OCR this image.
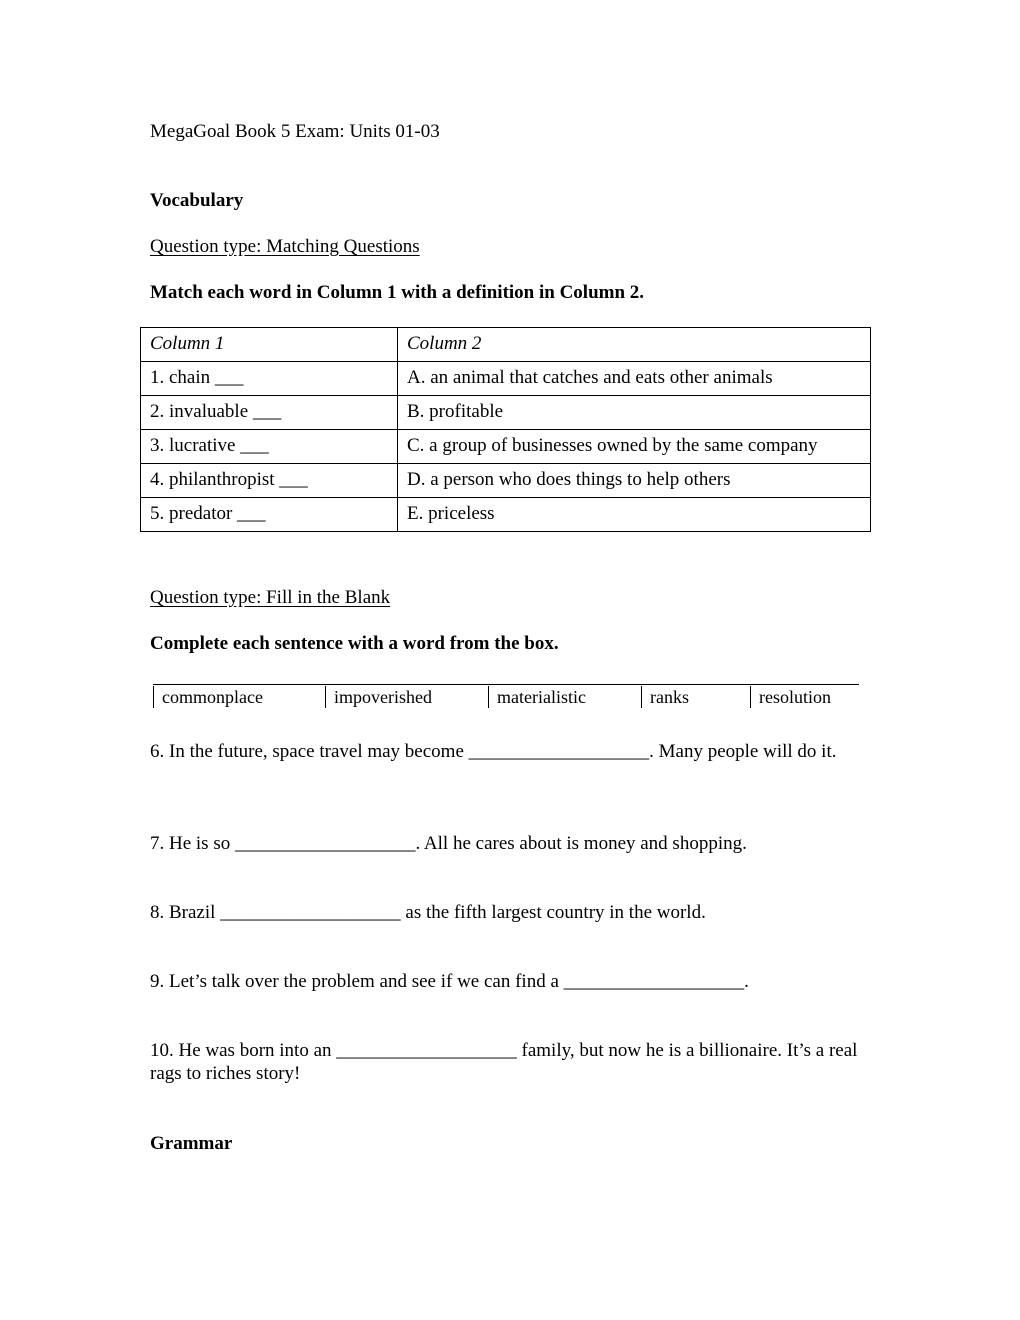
MegaGoal Book 5 Exam: Units 01-03
Vocabulary
Question type: Matching Questions
Match each word in Column 1 with a definition in Column 2.
Column 1	Column 2
1. chain ___	A. an animal that catches and eats other animals
2. invaluable ___	B. profitable
3. lucrative ___	C. a group of businesses owned by the same company
4. philanthropist ___	D. a person who does things to help others
5. predator ___	E. priceless
Question type: Fill in the Blank
Complete each sentence with a word from the box.
commonplace	impoverished	materialistic	ranks	resolution
6. In the future, space travel may become ___________________. Many people will do it.
7. He is so ___________________. All he cares about is money and shopping.
8. Brazil ___________________ as the fifth largest country in the world.
9. Let’s talk over the problem and see if we can find a ___________________.
10. He was born into an ___________________ family, but now he is a billionaire. It’s a real rags to riches story!
Grammar
